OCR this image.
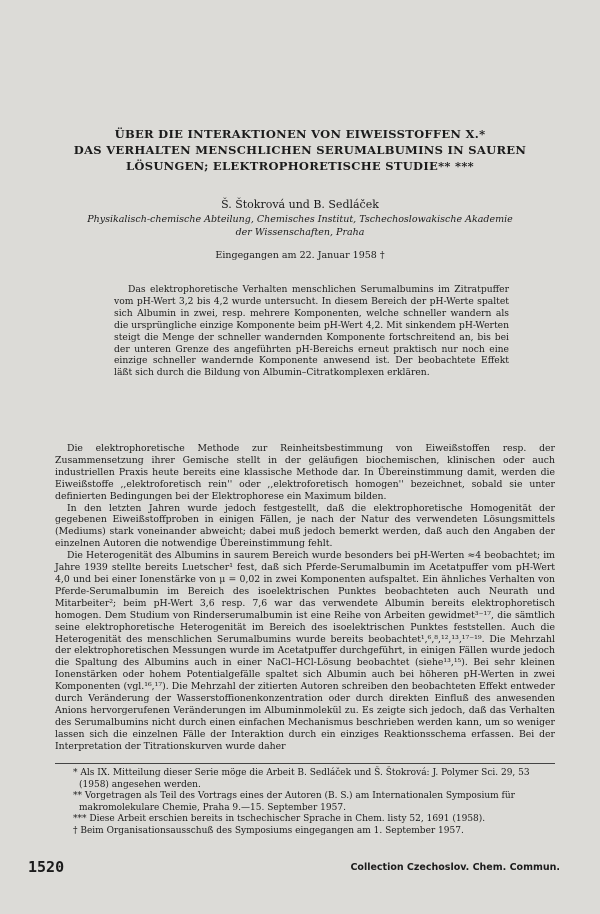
ÜBER DIE INTERAKTIONEN VON EIWEISSTOFFEN X.*
DAS VERHALTEN MENSCHLICHEN SERUMALBUMINS IN SAUREN
LÖSUNGEN; ELEKTROPHORETISCHE STUDIE** ***
Š. Štokrová und B. Sedláček
Physikalisch-chemische Abteilung, Chemisches Institut, Tschechoslowakische Akademie der Wissenschaften, Praha
Eingegangen am 22. Januar 1958 †

Das elektrophoretische Verhalten menschlichen Serumalbumins im Zitratpuffer vom pH-Wert 3,2 bis 4,2 wurde untersucht. In diesem Bereich der pH-Werte spaltet sich Albumin in zwei, resp. mehrere Komponenten, welche schneller wandern als die ursprüngliche einzige Komponente beim pH-Wert 4,2. Mit sinkendem pH-Werten steigt die Menge der schneller wandernden Komponente fortschreitend an, bis bei der unteren Grenze des angeführten pH-Bereichs erneut praktisch nur noch eine einzige schneller wandernde Komponente anwesend ist. Der beobachtete Effekt läßt sich durch die Bildung von Albumin–Citratkomplexen erklären.

Die elektrophoretische Methode zur Reinheitsbestimmung von Eiweißstoffen resp. der Zusammensetzung ihrer Gemische stellt in der geläufigen biochemischen, klinischen oder auch industriellen Praxis heute bereits eine klassische Methode dar. In Übereinstimmung damit, werden die Eiweißstoffe ,,elektroforetisch rein'' oder ,,elektroforetisch homogen'' bezeichnet, sobald sie unter definierten Bedingungen bei der Elektrophorese ein Maximum bilden.

In den letzten Jahren wurde jedoch festgestellt, daß die elektrophoretische Homogenität der gegebenen Eiweißstoffproben in einigen Fällen, je nach der Natur des verwendeten Lösungsmittels (Mediums) stark voneinander abweicht; dabei muß jedoch bemerkt werden, daß auch den Angaben der einzelnen Autoren die notwendige Übereinstimmung fehlt.

Die Heterogenität des Albumins in saurem Bereich wurde besonders bei pH-Werten ≈4 beobachtet; im Jahre 1939 stellte bereits Luetscher¹ fest, daß sich Pferde-Serumalbumin im Acetatpuffer vom pH-Wert 4,0 und bei einer Ionenstärke von μ = 0,02 in zwei Komponenten aufspaltet. Ein ähnliches Verhalten von Pferde-Serumalbumin im Bereich des isoelektrischen Punktes beobachteten auch Neurath und Mitarbeiter²; beim pH-Wert 3,6 resp. 7,6 war das verwendete Albumin bereits elektrophoretisch homogen. Dem Studium von Rinderserumalbumin ist eine Reihe von Arbeiten gewidmet³⁻¹⁷, die sämtlich seine elektrophoretische Heterogenität im Bereich des isoelektrischen Punktes feststellen. Auch die Heterogenität des menschlichen Serumalbumins wurde bereits beobachtet¹,⁶,⁸,¹²,¹³,¹⁷⁻¹⁹. Die Mehrzahl der elektrophoretischen Messungen wurde im Acetatpuffer durchgeführt, in einigen Fällen wurde jedoch die Spaltung des Albumins auch in einer NaCl–HCl-Lösung beobachtet (siehe¹³,¹⁵). Bei sehr kleinen Ionenstärken oder hohem Potentialgefälle spaltet sich Albumin auch bei höheren pH-Werten in zwei Komponenten (vgl.¹⁶,¹⁷). Die Mehrzahl der zitierten Autoren schreiben den beobachteten Effekt entweder durch Veränderung der Wasserstoffionenkonzentration oder durch direkten Einfluß des anwesenden Anions hervorgerufenen Veränderungen im Albuminmolekül zu. Es zeigte sich jedoch, daß das Verhalten des Serumalbumins nicht durch einen einfachen Mechanismus beschrieben werden kann, um so weniger lassen sich die einzelnen Fälle der Interaktion durch ein einziges Reaktionsschema erfassen. Bei der Interpretation der Titrationskurven wurde daher

* Als IX. Mitteilung dieser Serie möge die Arbeit B. Sedláček und Š. Štokrová: J. Polymer Sci. 29, 53 (1958) angesehen werden.

** Vorgetragen als Teil des Vortrags eines der Autoren (B. S.) am Internationalen Symposium für makromolekulare Chemie, Praha 9.—15. September 1957.

*** Diese Arbeit erschien bereits in tschechischer Sprache in Chem. listy 52, 1691 (1958).

† Beim Organisationsausschuß des Symposiums eingegangen am 1. September 1957.

1520	Collection Czechoslov. Chem. Commun.
